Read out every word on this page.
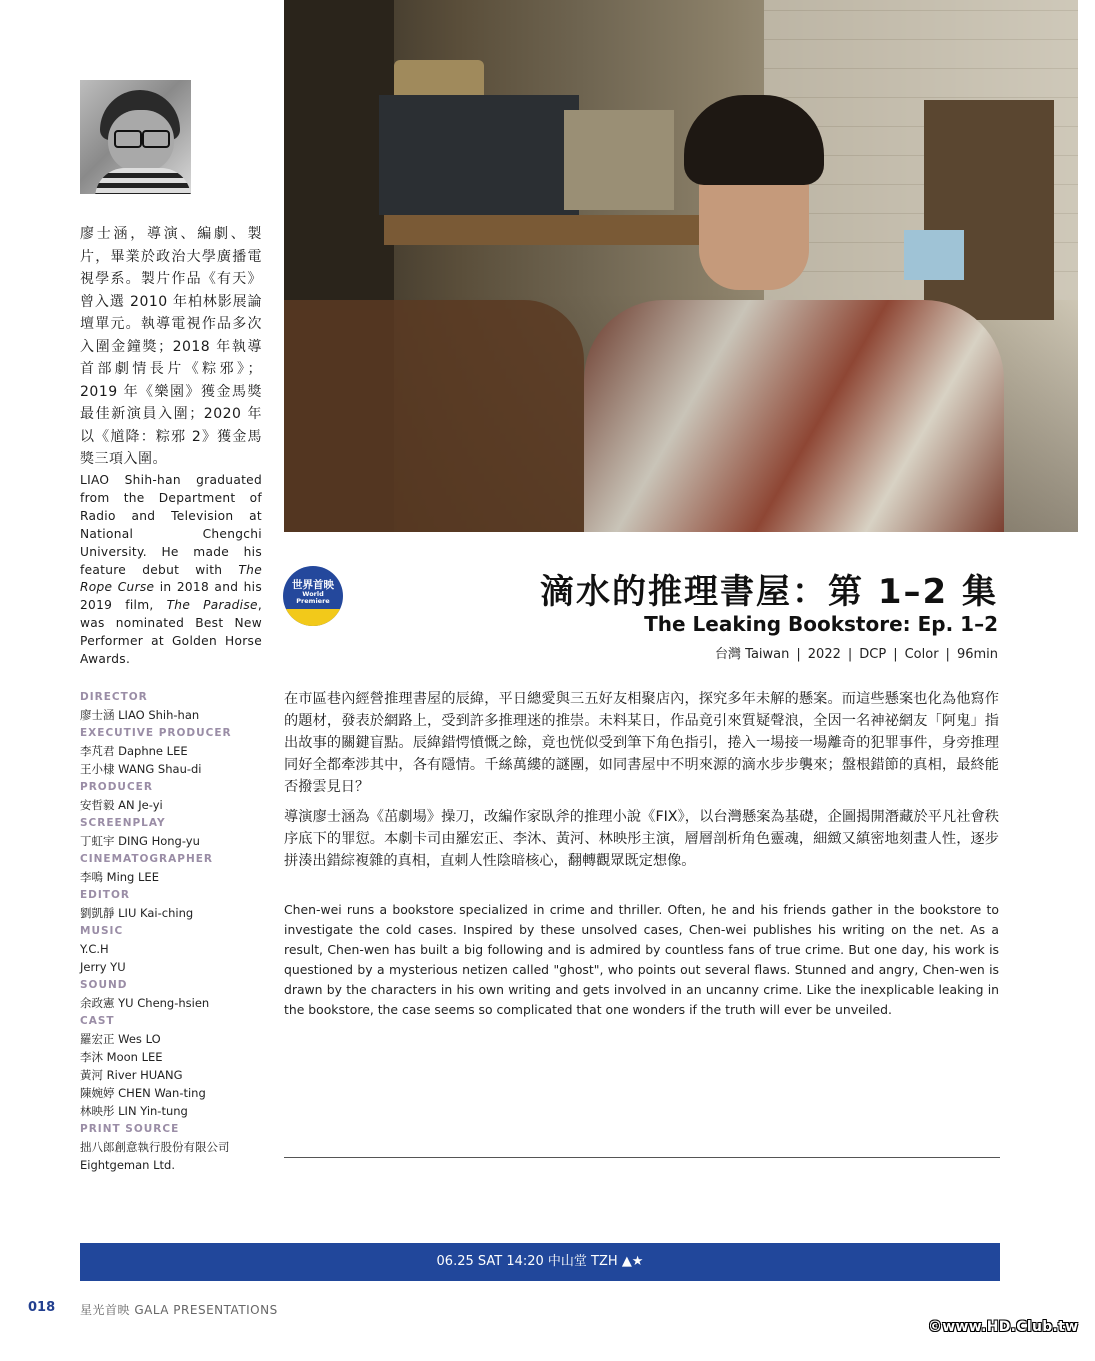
廖士涵，導演、編劇、製片，畢業於政治大學廣播電視學系。製片作品《有天》曾入選 2010 年柏林影展論壇單元。執導電視作品多次入圍金鐘獎；2018 年執導首部劇情長片《粽邪》；2019 年《樂園》獲金馬獎最佳新演員入圍；2020 年以《馗降：粽邪 2》獲金馬獎三項入圍。
LIAO Shih-han graduated from the Department of Radio and Television at National Chengchi University. He made his feature debut with The Rope Curse in 2018 and his 2019 film, The Paradise, was nominated Best New Performer at Golden Horse Awards.
DIRECTOR
廖士涵 LIAO Shih-han
EXECUTIVE PRODUCER
李芃君 Daphne LEE
王小棣 WANG Shau-di
PRODUCER
安哲毅 AN Je-yi
SCREENPLAY
丁虹宇 DING Hong-yu
CINEMATOGRAPHER
李鳴 Ming LEE
EDITOR
劉凱靜 LIU Kai-ching
MUSIC
Y.C.H
Jerry YU
SOUND
余政憲 YU Cheng-hsien
CAST
羅宏正 Wes LO
李沐 Moon LEE
黃河 River HUANG
陳婉婷 CHEN Wan-ting
林映彤 LIN Yin-tung
PRINT SOURCE
拙八郎創意執行股份有限公司
Eightgeman Ltd.
世界首映
World
Premiere	滴水的推理書屋：第 1–2 集
The Leaking Bookstore: Ep. 1–2
台灣 Taiwan | 2022 | DCP | Color | 96min
在市區巷內經營推理書屋的辰緯，平日總愛與三五好友相聚店內，探究多年未解的懸案。而這些懸案也化為他寫作的題材，發表於網路上，受到許多推理迷的推崇。未料某日，作品竟引來質疑聲浪，全因一名神祕網友「阿鬼」指出故事的關鍵盲點。辰緯錯愕憤慨之餘，竟也恍似受到筆下角色指引，捲入一場接一場離奇的犯罪事件，身旁推理同好全都牽涉其中，各有隱情。千絲萬縷的謎團，如同書屋中不明來源的滴水步步襲來；盤根錯節的真相，最終能否撥雲見日？
導演廖士涵為《茁劇場》操刀，改編作家臥斧的推理小說《FIX》，以台灣懸案為基礎，企圖揭開潛藏於平凡社會秩序底下的罪愆。本劇卡司由羅宏正、李沐、黃河、林映彤主演，層層剖析角色靈魂，細緻又縝密地刻畫人性，逐步拼湊出錯綜複雜的真相，直刺人性陰暗核心，翻轉觀眾既定想像。
Chen-wei runs a bookstore specialized in crime and thriller. Often, he and his friends gather in the bookstore to investigate the cold cases. Inspired by these unsolved cases, Chen-wei publishes his writing on the net. As a result, Chen-wen has built a big following and is admired by countless fans of true crime. But one day, his work is questioned by a mysterious netizen called "ghost", who points out several flaws. Stunned and angry, Chen-wen is drawn by the characters in his own writing and gets involved in an uncanny crime. Like the inexplicable leaking in the bookstore, the case seems so complicated that one wonders if the truth will ever be unveiled.
06.25 SAT 14:20 中山堂 TZH ▲★
018 星光首映 GALA PRESENTATIONS
©www.HD.Club.tw
